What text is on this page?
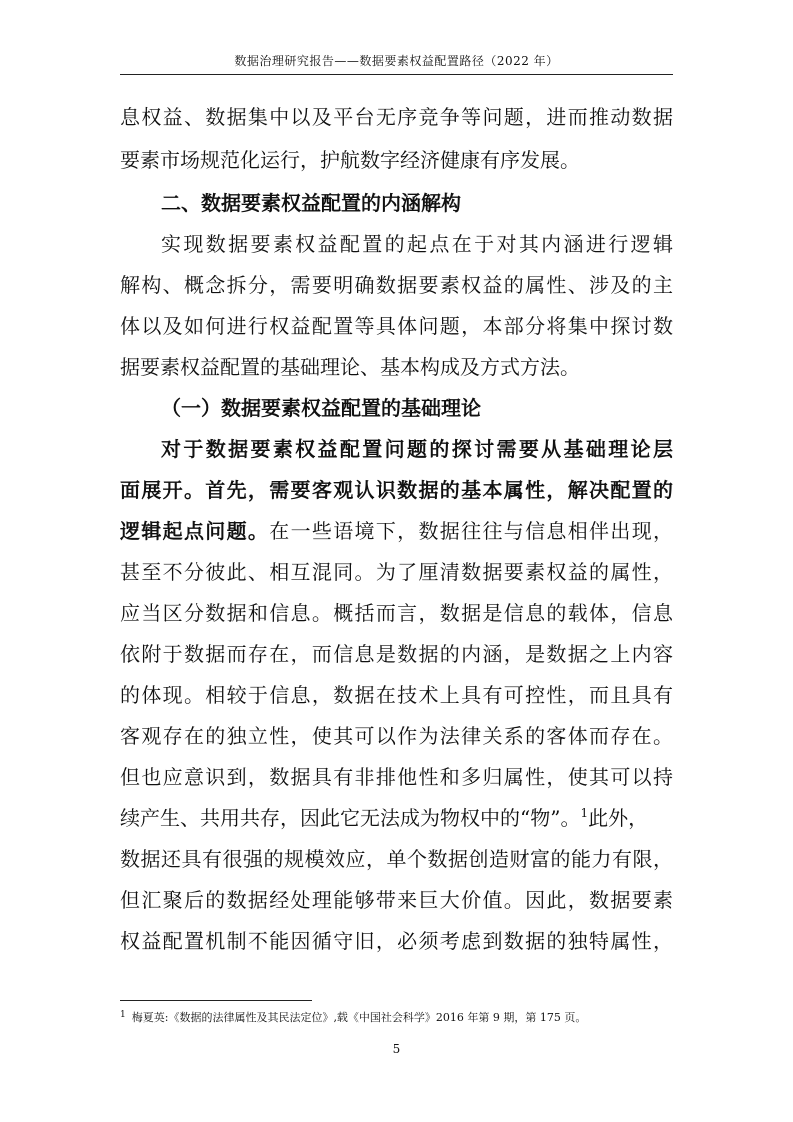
数据治理研究报告——数据要素权益配置路径（2022 年）
息权益、数据集中以及平台无序竞争等问题，进而推动数据
要素市场规范化运行，护航数字经济健康有序发展。
二、数据要素权益配置的内涵解构
实现数据要素权益配置的起点在于对其内涵进行逻辑
解构、概念拆分，需要明确数据要素权益的属性、涉及的主
体以及如何进行权益配置等具体问题，本部分将集中探讨数
据要素权益配置的基础理论、基本构成及方式方法。
（一）数据要素权益配置的基础理论
对于数据要素权益配置问题的探讨需要从基础理论层
面展开。首先，需要客观认识数据的基本属性，解决配置的
逻辑起点问题。在一些语境下，数据往往与信息相伴出现，
甚至不分彼此、相互混同。为了厘清数据要素权益的属性，
应当区分数据和信息。概括而言，数据是信息的载体，信息
依附于数据而存在，而信息是数据的内涵，是数据之上内容
的体现。相较于信息，数据在技术上具有可控性，而且具有
客观存在的独立性，使其可以作为法律关系的客体而存在。
但也应意识到，数据具有非排他性和多归属性，使其可以持
续产生、共用共存，因此它无法成为物权中的“物”。$^1$此外，
数据还具有很强的规模效应，单个数据创造财富的能力有限，
但汇聚后的数据经处理能够带来巨大价值。因此，数据要素
权益配置机制不能因循守旧，必须考虑到数据的独特属性，
$^1$ 梅夏英:《数据的法律属性及其民法定位》,载《中国社会科学》2016 年第 9 期，第 175 页。
5
